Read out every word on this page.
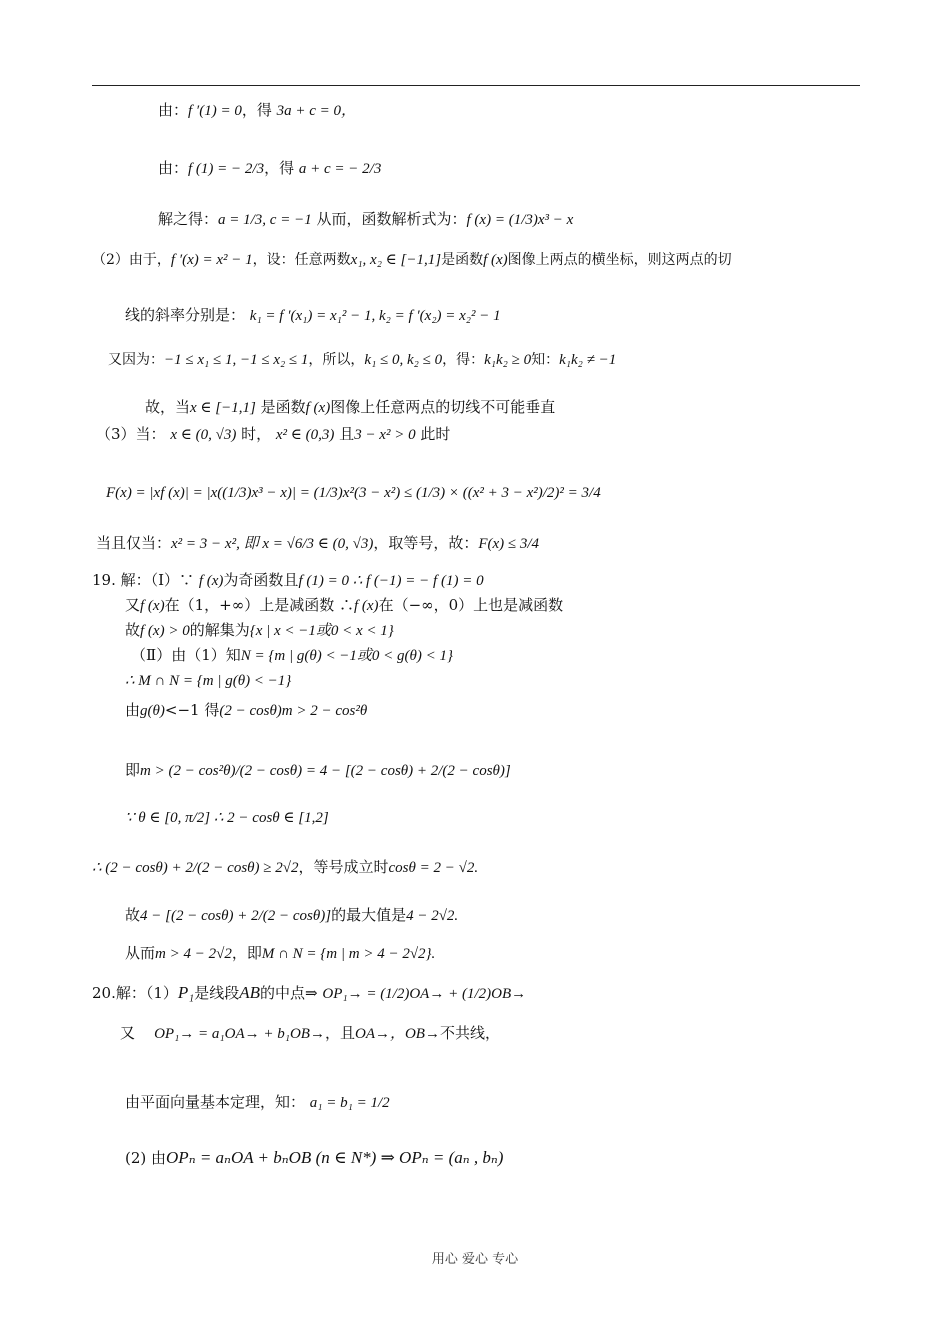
由：f ′(1) = 0，得 3a + c = 0，
由：f (1) = − 2/3，得 a + c = − 2/3
解之得：a = 1/3, c = −1 从而，函数解析式为：f (x) = (1/3)x³ − x
（2）由于，f ′(x) = x² − 1，设：任意两数x₁, x₂ ∈ [−1,1]是函数f (x)图像上两点的横坐标，则这两点的切
线的斜率分别是： k₁ = f ′(x₁) = x₁² − 1, k₂ = f ′(x₂) = x₂² − 1
又因为：−1 ≤ x₁ ≤ 1, −1 ≤ x₂ ≤ 1，所以，k₁ ≤ 0, k₂ ≤ 0，得：k₁k₂ ≥ 0知：k₁k₂ ≠ −1
故，当x ∈ [−1,1] 是函数f (x)图像上任意两点的切线不可能垂直
（3）当： x ∈ (0, √3) 时， x² ∈ (0,3) 且3 − x² > 0 此时
F(x) = |xf (x)| = |x((1/3)x³ − x)| = (1/3)x²(3 − x²) ≤ (1/3) × ((x² + 3 − x²)/2)² = 3/4
当且仅当：x² = 3 − x², 即 x = √6/3 ∈ (0, √3)，取等号，故：F(x) ≤ 3/4
19. 解：（Ⅰ）∵ f (x)为奇函数且f (1) = 0 ∴ f (−1) = − f (1) = 0
又f (x)在（1，+∞）上是减函数 ∴f (x)在（−∞，0）上也是减函数
故f (x) > 0的解集为{x | x < −1或0 < x < 1}
（Ⅱ）由（1）知N = {m | g(θ) < −1或0 < g(θ) < 1}
∴ M ∩ N = {m | g(θ) < −1}
由g(θ)<−1 得(2 − cosθ)m > 2 − cos²θ
即m > (2 − cos²θ)/(2 − cosθ) = 4 − [(2 − cosθ) + 2/(2 − cosθ)]
∵ θ ∈ [0, π/2] ∴ 2 − cosθ ∈ [1,2]
∴ (2 − cosθ) + 2/(2 − cosθ) ≥ 2√2，等号成立时cosθ = 2 − √2.
故4 − [(2 − cosθ) + 2/(2 − cosθ)]的最大值是4 − 2√2.
从而m > 4 − 2√2，即M ∩ N = {m | m > 4 − 2√2}.
20.解：（1）P₁是线段AB的中点⇒ OP₁→ = (1/2)OA→ + (1/2)OB→
又 OP₁→ = a₁OA→ + b₁OB→，且OA→，OB→不共线，
由平面向量基本定理，知： a₁ = b₁ = 1/2
(2) 由OPₙ = aₙOA + bₙOB (n ∈ N*) ⇒ OPₙ = (aₙ , bₙ)
用心 爱心 专心
